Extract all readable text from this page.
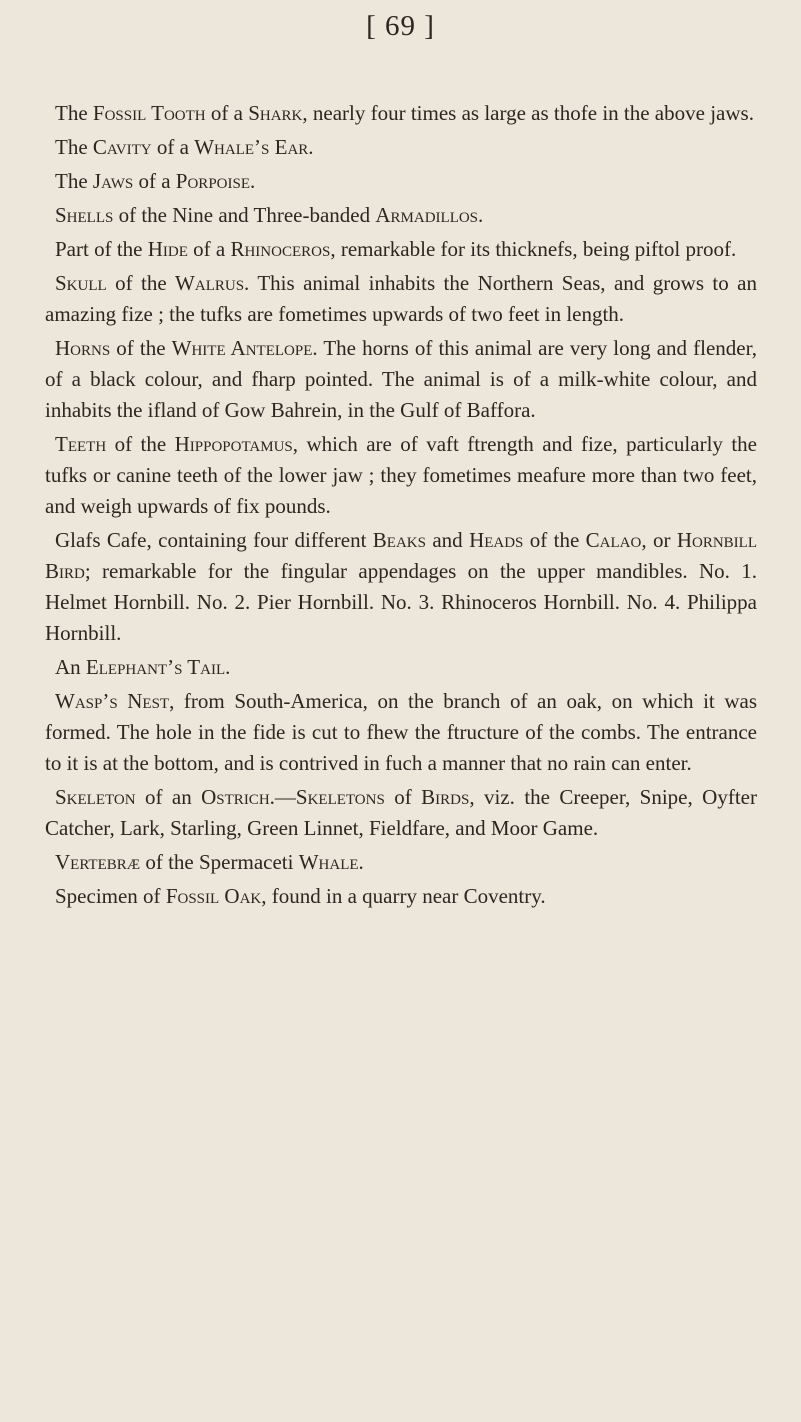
[ 69 ]

The Fossil Tooth of a Shark, nearly four times as large as thofe in the above jaws.

The Cavity of a Whale’s Ear.

The Jaws of a Porpoise.

Shells of the Nine and Three-banded Armadillos.

Part of the Hide of a Rhinoceros, remarkable for its thicknefs, being piftol proof.

Skull of the Walrus. This animal inhabits the Northern Seas, and grows to an amazing fize ; the tufks are fometimes upwards of two feet in length.

Horns of the White Antelope. The horns of this animal are very long and flender, of a black colour, and fharp pointed. The animal is of a milk-white colour, and inhabits the ifland of Gow Bahrein, in the Gulf of Baffora.

Teeth of the Hippopotamus, which are of vaft ftrength and fize, particularly the tufks or canine teeth of the lower jaw ; they fometimes meafure more than two feet, and weigh upwards of fix pounds.

Glafs Cafe, containing four different Beaks and Heads of the Calao, or Hornbill Bird; remarkable for the fingular appendages on the upper mandibles. No. 1. Helmet Hornbill. No. 2. Pier Hornbill. No. 3. Rhinoceros Hornbill. No. 4. Philippa Hornbill.

An Elephant’s Tail.

Wasp’s Nest, from South-America, on the branch of an oak, on which it was formed. The hole in the fide is cut to fhew the ftructure of the combs. The entrance to it is at the bottom, and is contrived in fuch a manner that no rain can enter.

Skeleton of an Ostrich.—Skeletons of Birds, viz. the Creeper, Snipe, Oyfter Catcher, Lark, Starling, Green Linnet, Fieldfare, and Moor Game.

Vertebræ of the Spermaceti Whale.

Specimen of Fossil Oak, found in a quarry near Coventry.
